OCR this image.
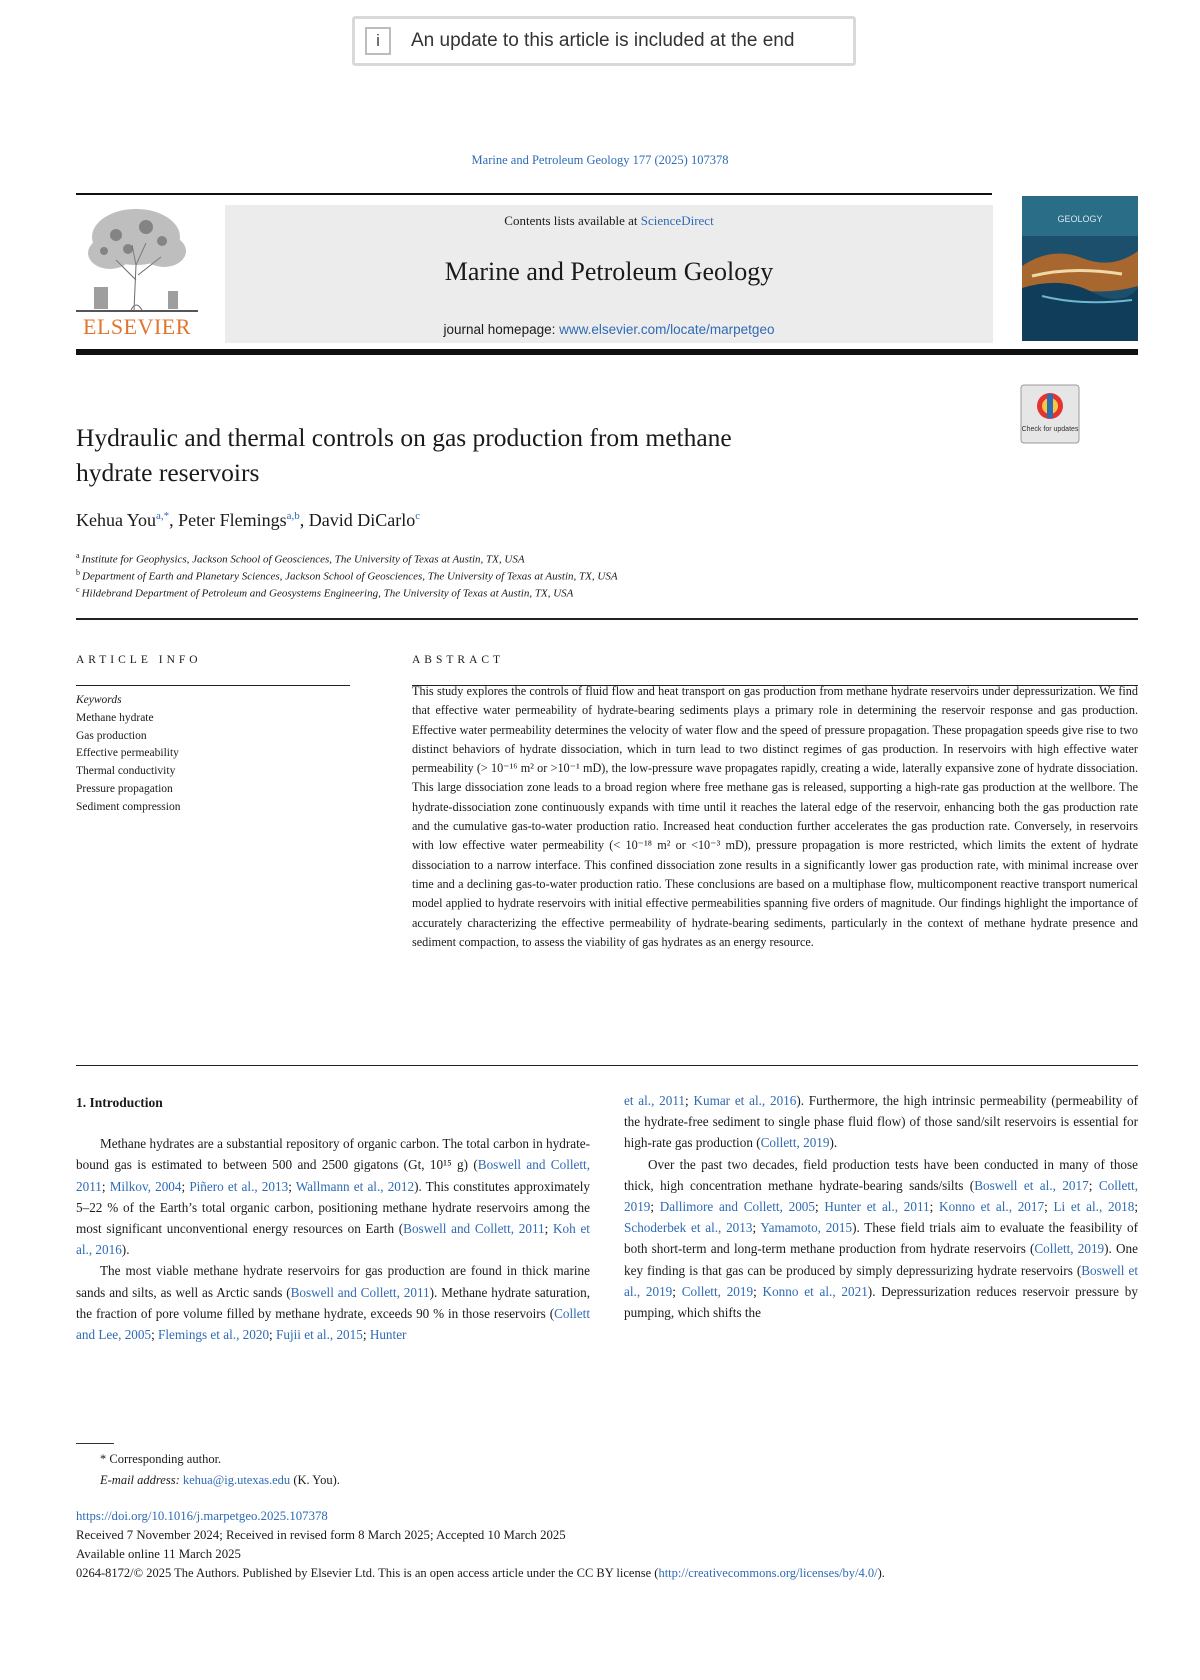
i	An update to this article is included at the end
Marine and Petroleum Geology 177 (2025) 107378
ELSEVIER
Contents lists available at ScienceDirect
Marine and Petroleum Geology
journal homepage: www.elsevier.com/locate/marpetgeo
GEOLOGY
Check for updates
Hydraulic and thermal controls on gas production from methane
hydrate reservoirs
Kehua You$^{a,*}$, Peter Flemings$^{a,b}$, David DiCarlo$^c$
$^a$ Institute for Geophysics, Jackson School of Geosciences, The University of Texas at Austin, TX, USA
$^b$ Department of Earth and Planetary Sciences, Jackson School of Geosciences, The University of Texas at Austin, TX, USA
$^c$ Hildebrand Department of Petroleum and Geosystems Engineering, The University of Texas at Austin, TX, USA
ARTICLE INFO
Keywords
Methane hydrate
Gas production
Effective permeability
Thermal conductivity
Pressure propagation
Sediment compression
ABSTRACT
This study explores the controls of fluid flow and heat transport on gas production from methane hydrate reservoirs under depressurization. We find that effective water permeability of hydrate-bearing sediments plays a primary role in determining the reservoir response and gas production. Effective water permeability determines the velocity of water flow and the speed of pressure propagation. These propagation speeds give rise to two distinct behaviors of hydrate dissociation, which in turn lead to two distinct regimes of gas production. In reservoirs with high effective water permeability (> 10⁻¹⁶ m² or >10⁻¹ mD), the low-pressure wave propagates rapidly, creating a wide, laterally expansive zone of hydrate dissociation. This large dissociation zone leads to a broad region where free methane gas is released, supporting a high-rate gas production at the wellbore. The hydrate-dissociation zone continuously expands with time until it reaches the lateral edge of the reservoir, enhancing both the gas production rate and the cumulative gas-to-water production ratio. Increased heat conduction further accelerates the gas production rate. Conversely, in reservoirs with low effective water permeability (< 10⁻¹⁸ m² or <10⁻³ mD), pressure propagation is more restricted, which limits the extent of hydrate dissociation to a narrow interface. This confined dissociation zone results in a significantly lower gas production rate, with minimal increase over time and a declining gas-to-water production ratio. These conclusions are based on a multiphase flow, multicomponent reactive transport numerical model applied to hydrate reservoirs with initial effective permeabilities spanning five orders of magnitude. Our findings highlight the importance of accurately characterizing the effective permeability of hydrate-bearing sediments, particularly in the context of methane hydrate presence and sediment compaction, to assess the viability of gas hydrates as an energy resource.
1. Introduction

Methane hydrates are a substantial repository of organic carbon. The total carbon in hydrate-bound gas is estimated to between 500 and 2500 gigatons (Gt, 10¹⁵ g) (Boswell and Collett, 2011; Milkov, 2004; Piñero et al., 2013; Wallmann et al., 2012). This constitutes approximately 5–22 % of the Earth’s total organic carbon, positioning methane hydrate reservoirs among the most significant unconventional energy resources on Earth (Boswell and Collett, 2011; Koh et al., 2016).

The most viable methane hydrate reservoirs for gas production are found in thick marine sands and silts, as well as Arctic sands (Boswell and Collett, 2011). Methane hydrate saturation, the fraction of pore volume filled by methane hydrate, exceeds 90 % in those reservoirs (Collett and Lee, 2005; Flemings et al., 2020; Fujii et al., 2015; Hunter

et al., 2011; Kumar et al., 2016). Furthermore, the high intrinsic permeability (permeability of the hydrate-free sediment to single phase fluid flow) of those sand/silt reservoirs is essential for high-rate gas production (Collett, 2019).

Over the past two decades, field production tests have been conducted in many of those thick, high concentration methane hydrate-bearing sands/silts (Boswell et al., 2017; Collett, 2019; Dallimore and Collett, 2005; Hunter et al., 2011; Konno et al., 2017; Li et al., 2018; Schoderbek et al., 2013; Yamamoto, 2015). These field trials aim to evaluate the feasibility of both short-term and long-term methane production from hydrate reservoirs (Collett, 2019). One key finding is that gas can be produced by simply depressurizing hydrate reservoirs (Boswell et al., 2019; Collett, 2019; Konno et al., 2021). Depressurization reduces reservoir pressure by pumping, which shifts the

* Corresponding author.
E-mail address: kehua@ig.utexas.edu (K. You).
https://doi.org/10.1016/j.marpetgeo.2025.107378
Received 7 November 2024; Received in revised form 8 March 2025; Accepted 10 March 2025
Available online 11 March 2025
0264-8172/© 2025 The Authors. Published by Elsevier Ltd. This is an open access article under the CC BY license (http://creativecommons.org/licenses/by/4.0/).
